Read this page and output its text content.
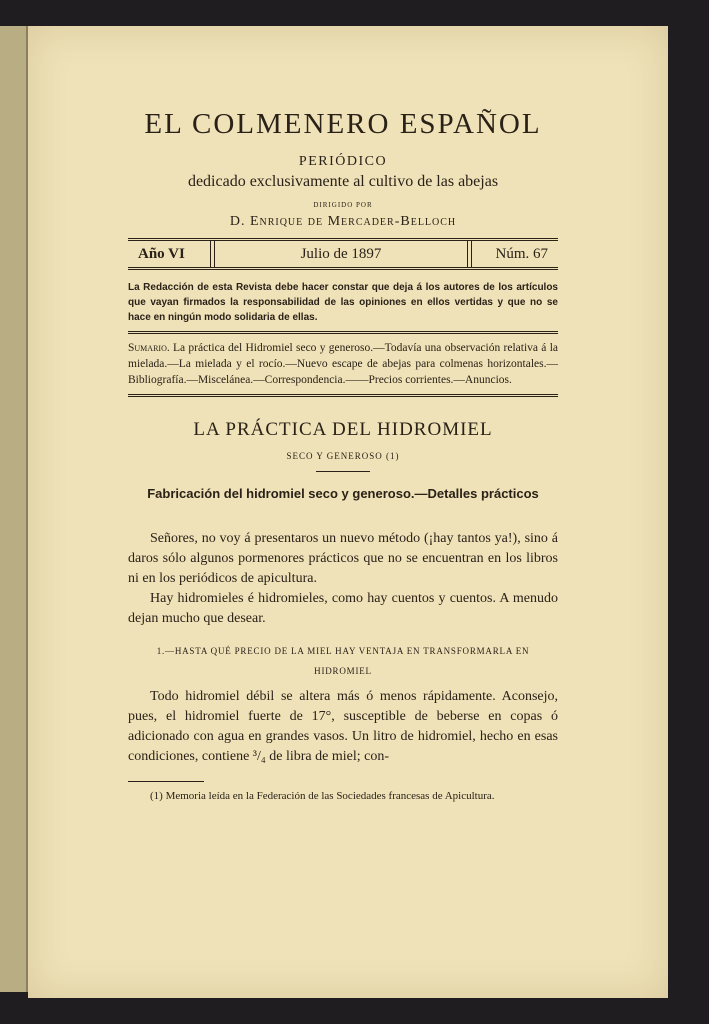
EL COLMENERO ESPAÑOL
PERIÓDICO
dedicado exclusivamente al cultivo de las abejas
DIRIGIDO POR
D. Enrique de Mercader-Belloch
Año VI	Julio de 1897	Núm. 67
La Redacción de esta Revista debe hacer constar que deja á los autores de los artículos que vayan firmados la responsabilidad de las opiniones en ellos vertidas y que no se hace en ningún modo solidaria de ellas.
Sumario. La práctica del Hidromiel seco y generoso.—Todavía una observación relativa á la mielada.—La mielada y el rocío.—Nuevo escape de abejas para colmenas horizontales.—Bibliografía.—Miscelánea.—Correspondencia.——Precios corrientes.—Anuncios.
LA PRÁCTICA DEL HIDROMIEL
SECO Y GENEROSO (1)
Fabricación del hidromiel seco y generoso.—Detalles prácticos

Señores, no voy á presentaros un nuevo método (¡hay tantos ya!), sino á daros sólo algunos pormenores prácticos que no se encuentran en los libros ni en los periódicos de apicultura.

Hay hidromieles é hidromieles, como hay cuentos y cuentos. A menudo dejan mucho que desear.

1.—HASTA QUÉ PRECIO DE LA MIEL HAY VENTAJA EN TRANSFORMARLA EN HIDROMIEL

Todo hidromiel débil se altera más ó menos rápidamente. Aconsejo, pues, el hidromiel fuerte de 17°, susceptible de beberse en copas ó adicionado con agua en grandes vasos. Un litro de hidromiel, hecho en esas condiciones, contiene ³/₄ de libra de miel; con-

(1) Memoria leída en la Federación de las Sociedades francesas de Apicultura.
